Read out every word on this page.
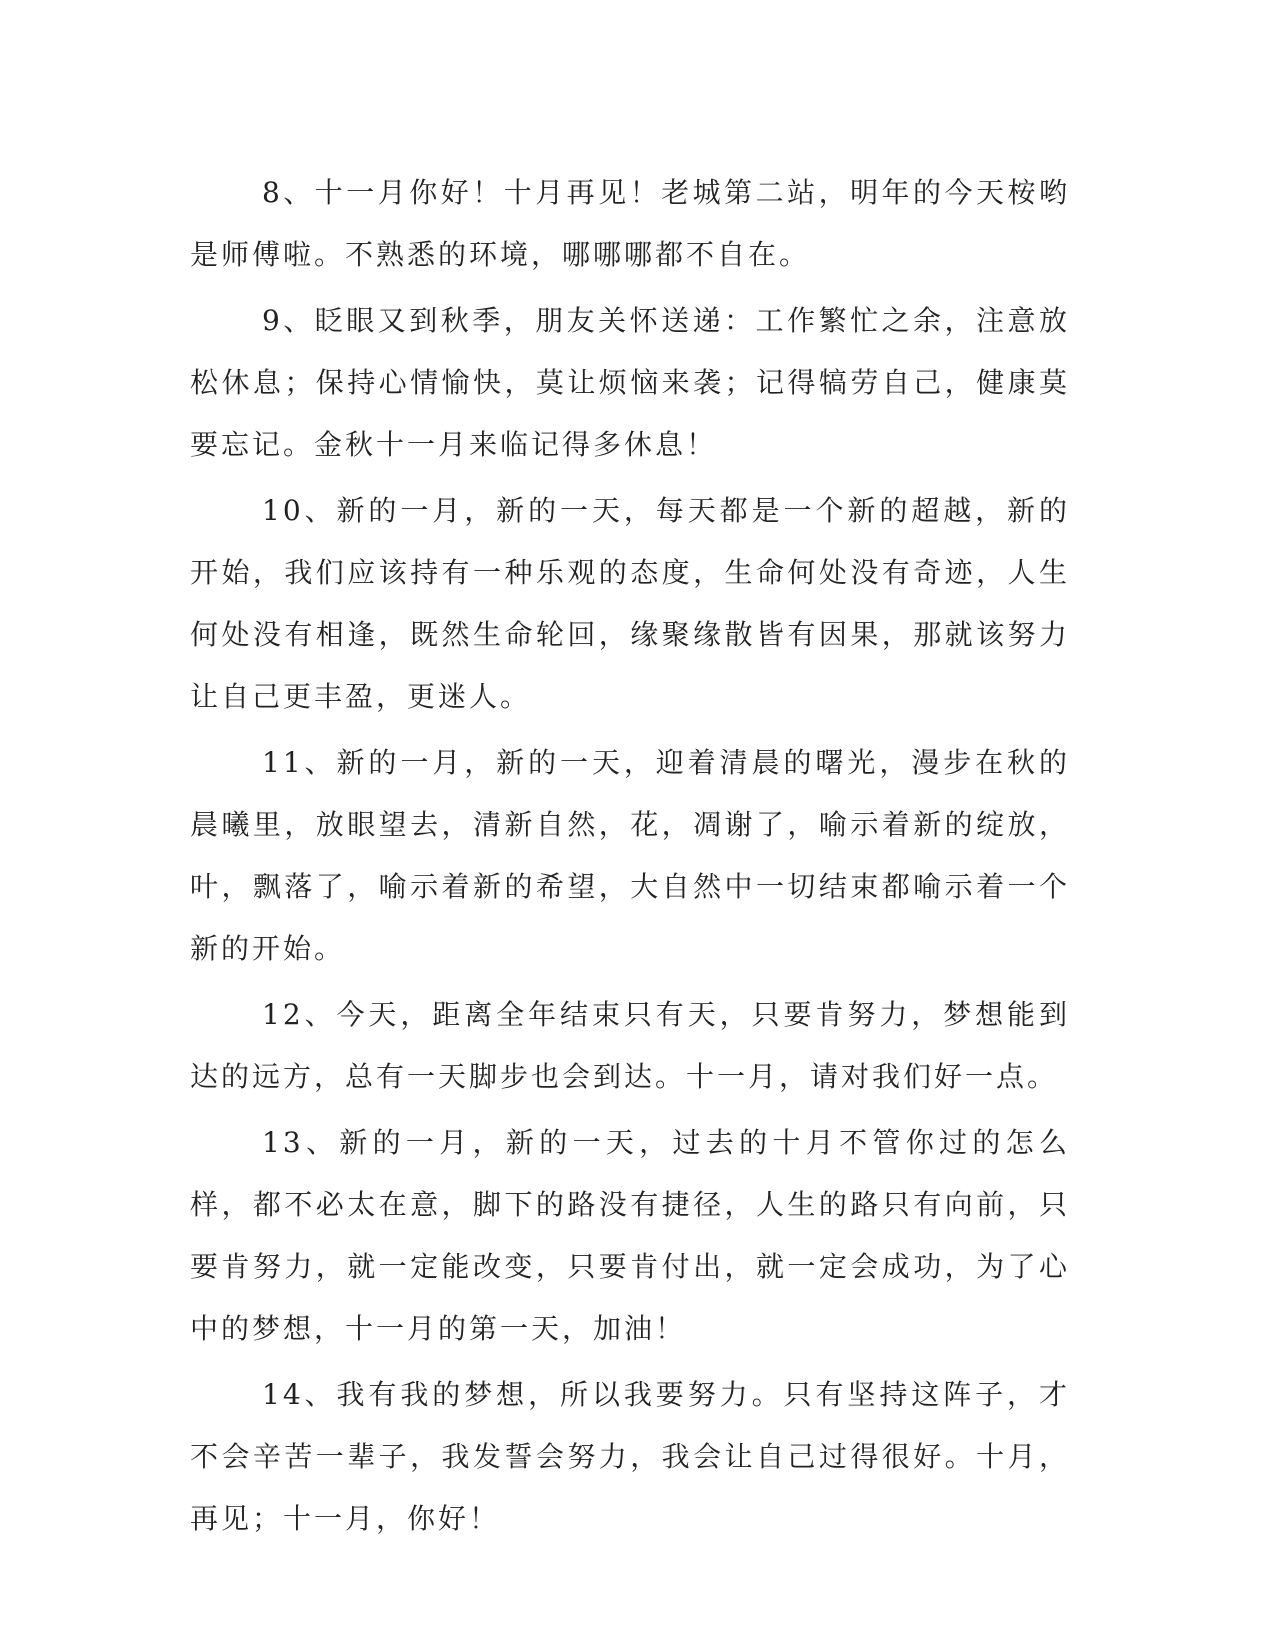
8、十一月你好！十月再见！老城第二站，明年的今天桉哟是师傅啦。不熟悉的环境，哪哪哪都不自在。

9、眨眼又到秋季，朋友关怀送递：工作繁忙之余，注意放松休息；保持心情愉快，莫让烦恼来袭；记得犒劳自己，健康莫要忘记。金秋十一月来临记得多休息！

10、新的一月，新的一天，每天都是一个新的超越，新的开始，我们应该持有一种乐观的态度，生命何处没有奇迹，人生何处没有相逢，既然生命轮回，缘聚缘散皆有因果，那就该努力让自己更丰盈，更迷人。

11、新的一月，新的一天，迎着清晨的曙光，漫步在秋的晨曦里，放眼望去，清新自然，花，凋谢了，喻示着新的绽放，叶，飘落了，喻示着新的希望，大自然中一切结束都喻示着一个新的开始。

12、今天，距离全年结束只有天，只要肯努力，梦想能到达的远方，总有一天脚步也会到达。十一月，请对我们好一点。

13、新的一月，新的一天，过去的十月不管你过的怎么样，都不必太在意，脚下的路没有捷径，人生的路只有向前，只要肯努力，就一定能改变，只要肯付出，就一定会成功，为了心中的梦想，十一月的第一天，加油！

14、我有我的梦想，所以我要努力。只有坚持这阵子，才不会辛苦一辈子，我发誓会努力，我会让自己过得很好。十月，再见；十一月，你好！
